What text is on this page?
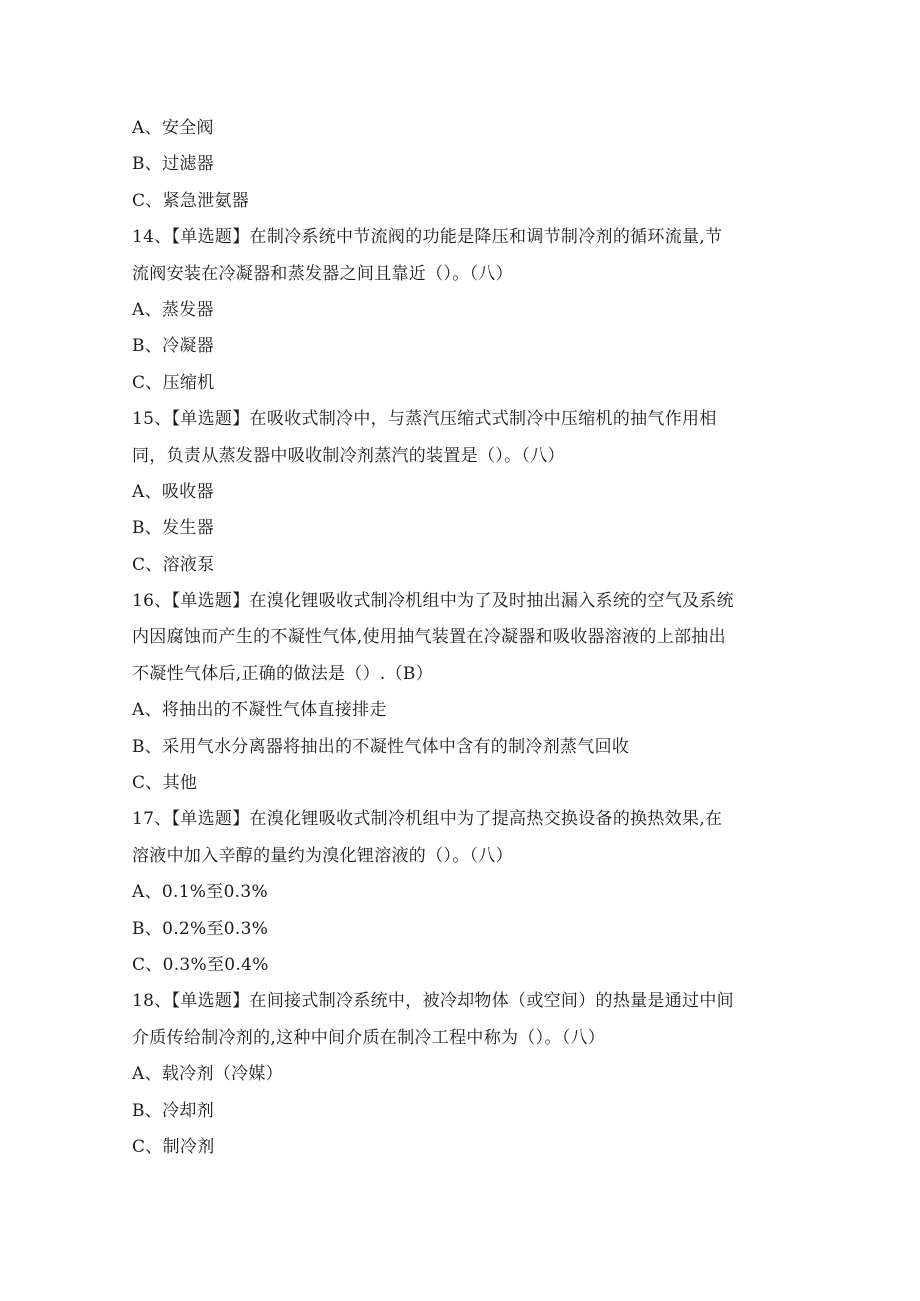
A、安全阀
B、过滤器
C、紧急泄氨器
14、【单选题】在制冷系统中节流阀的功能是降压和调节制冷剂的循环流量,节
流阀安装在冷凝器和蒸发器之间且靠近（）。（八）
A、蒸发器
B、冷凝器
C、压缩机
15、【单选题】在吸收式制冷中，与蒸汽压缩式式制冷中压缩机的抽气作用相
同，负责从蒸发器中吸收制冷剂蒸汽的装置是（）。（八）
A、吸收器
B、发生器
C、溶液泵
16、【单选题】在溴化锂吸收式制冷机组中为了及时抽出漏入系统的空气及系统
内因腐蚀而产生的不凝性气体,使用抽气装置在冷凝器和吸收器溶液的上部抽出
不凝性气体后,正确的做法是（）.（B）
A、将抽出的不凝性气体直接排走
B、采用气水分离器将抽出的不凝性气体中含有的制冷剂蒸气回收
C、其他
17、【单选题】在溴化锂吸收式制冷机组中为了提高热交换设备的换热效果,在
溶液中加入辛醇的量约为溴化锂溶液的（）。（八）
A、0.1%至0.3%
B、0.2%至0.3%
C、0.3%至0.4%
18、【单选题】在间接式制冷系统中，被冷却物体（或空间）的热量是通过中间
介质传给制冷剂的,这种中间介质在制冷工程中称为（）。（八）
A、载冷剂（冷媒）
B、冷却剂
C、制冷剂
